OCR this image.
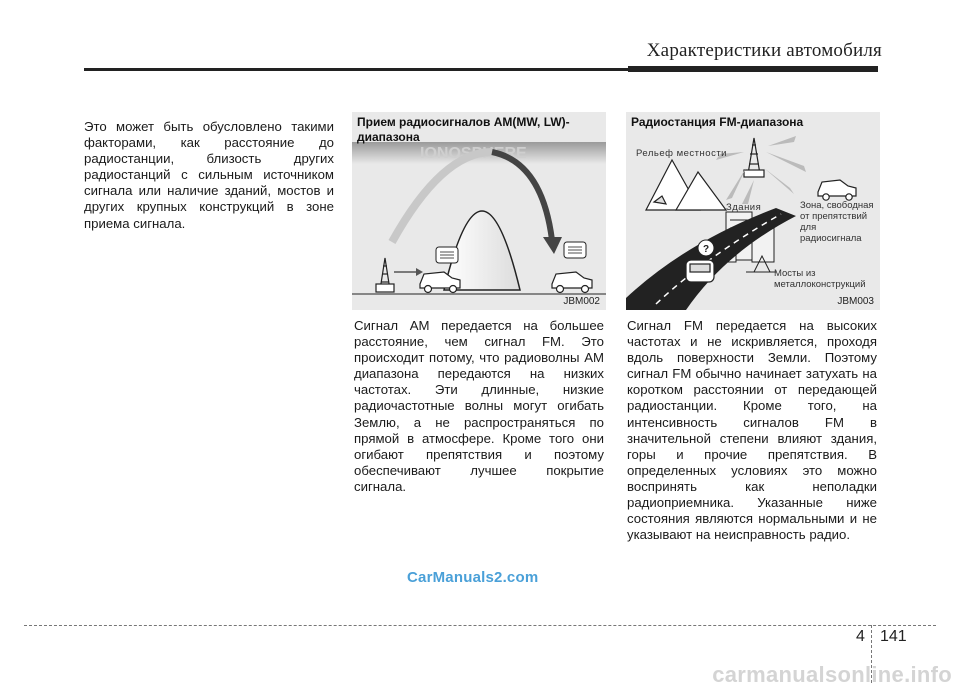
Характеристики автомобиля

Это может быть обусловлено такими факторами, как расстояние до радиостанции, близость других радиостанций с сильным источником сигнала или наличие зданий, мостов и других крупных конструкций в зоне приема сигнала.

Прием радиосигналов AM(MW, LW)-диапазона
IONOSPHERE
JBM002

Сигнал AM передается на большее расстояние, чем сигнал FM. Это происходит потому, что радиоволны AM диапазона передаются на низких частотах. Эти длинные, низкие радиочастотные волны могут огибать Землю, а не распространяться по прямой в атмосфере. Кроме того они огибают препятствия и поэтому обеспечивают лучшее покрытие сигнала.

Радиостанция FM-диапазона
?
Рельеф местности
Здания	Зона, свободная
от препятствий
для радиосигнала
Мосты из
металлоконструкций
JBM003

Сигнал FM передается на высоких частотах и не искривляется, проходя вдоль поверхности Земли. Поэтому сигнал FM обычно начинает затухать на коротком расстоянии от передающей радиостанции. Кроме того, на интенсивность сигналов FM в значительной степени влияют здания, горы и прочие препятствия. В определенных условиях это можно воспринять как неполадки радиоприемника. Указанные ниже состояния являются нормальными и не указывают на неисправность радио.

CarManuals2.com
4 141
carmanualsonline.info
